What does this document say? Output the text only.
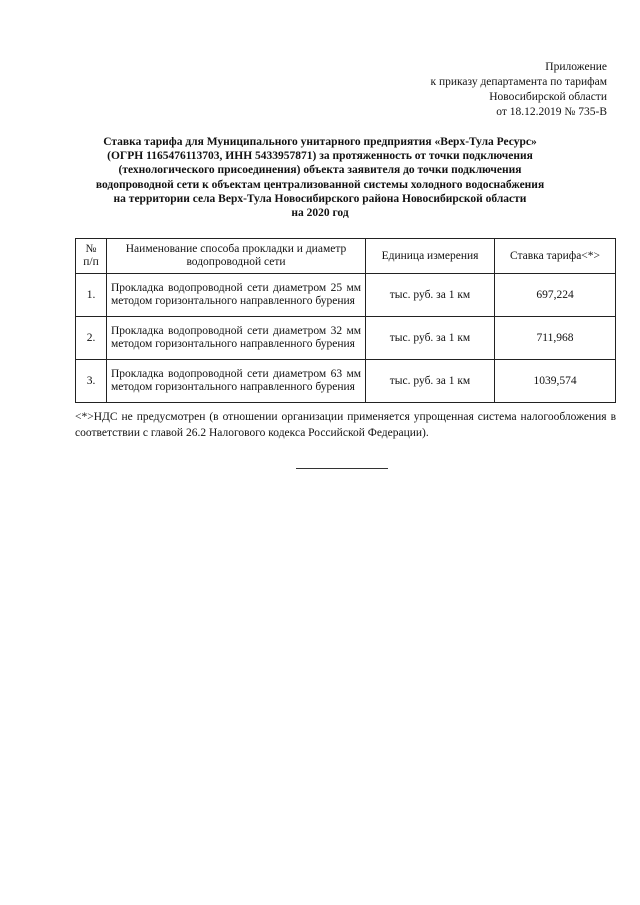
Приложение
к приказу департамента по тарифам
Новосибирской области
от 18.12.2019 № 735-В
Ставка тарифа для Муниципального унитарного предприятия «Верх-Тула Ресурс»
(ОГРН 1165476113703, ИНН 5433957871) за протяженность от точки подключения
(технологического присоединения) объекта заявителя до точки подключения
водопроводной сети к объектам централизованной системы холодного водоснабжения
на территории села Верх-Тула Новосибирского района Новосибирской области
на 2020 год
№ п/п	Наименование способа прокладки и диаметр водопроводной сети	Единица измерения	Ставка тарифа<*>
1.	Прокладка водопроводной сети диаметром 25 мм методом горизонтального направленного бурения	тыс. руб. за 1 км	697,224
2.	Прокладка водопроводной сети диаметром 32 мм методом горизонтального направленного бурения	тыс. руб. за 1 км	711,968
3.	Прокладка водопроводной сети диаметром 63 мм методом горизонтального направленного бурения	тыс. руб. за 1 км	1039,574
<*>НДС не предусмотрен (в отношении организации применяется упрощенная система налогообложения в соответствии с главой 26.2 Налогового кодекса Российской Федерации).
